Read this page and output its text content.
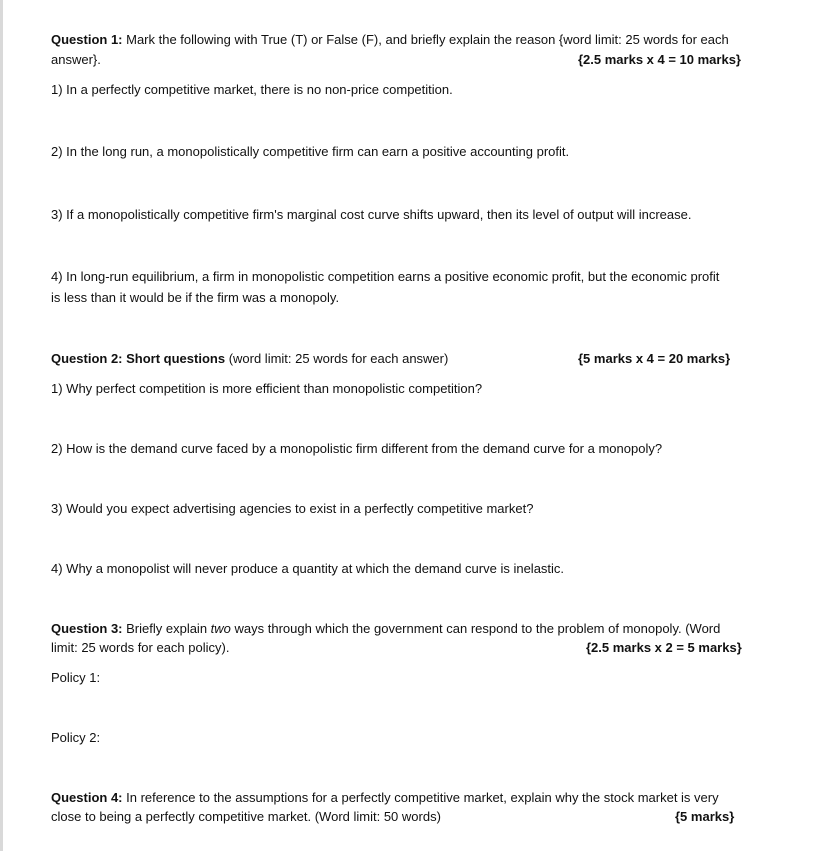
Question 1: Mark the following with True (T) or False (F), and briefly explain the reason {word limit: 25 words for each
answer}.	{2.5 marks x 4 = 10 marks}
1) In a perfectly competitive market, there is no non-price competition.
2) In the long run, a monopolistically competitive firm can earn a positive accounting profit.
3) If a monopolistically competitive firm's marginal cost curve shifts upward, then its level of output will increase.
4) In long-run equilibrium, a firm in monopolistic competition earns a positive economic profit, but the economic profit
is less than it would be if the firm was a monopoly.
Question 2: Short questions (word limit: 25 words for each answer)	{5 marks x 4 = 20 marks}
1) Why perfect competition is more efficient than monopolistic competition?
2) How is the demand curve faced by a monopolistic firm different from the demand curve for a monopoly?
3) Would you expect advertising agencies to exist in a perfectly competitive market?
4) Why a monopolist will never produce a quantity at which the demand curve is inelastic.
Question 3: Briefly explain two ways through which the government can respond to the problem of monopoly. (Word
limit: 25 words for each policy).	{2.5 marks x 2 = 5 marks}
Policy 1:
Policy 2:
Question 4: In reference to the assumptions for a perfectly competitive market, explain why the stock market is very
close to being a perfectly competitive market. (Word limit: 50 words)	{5 marks}
